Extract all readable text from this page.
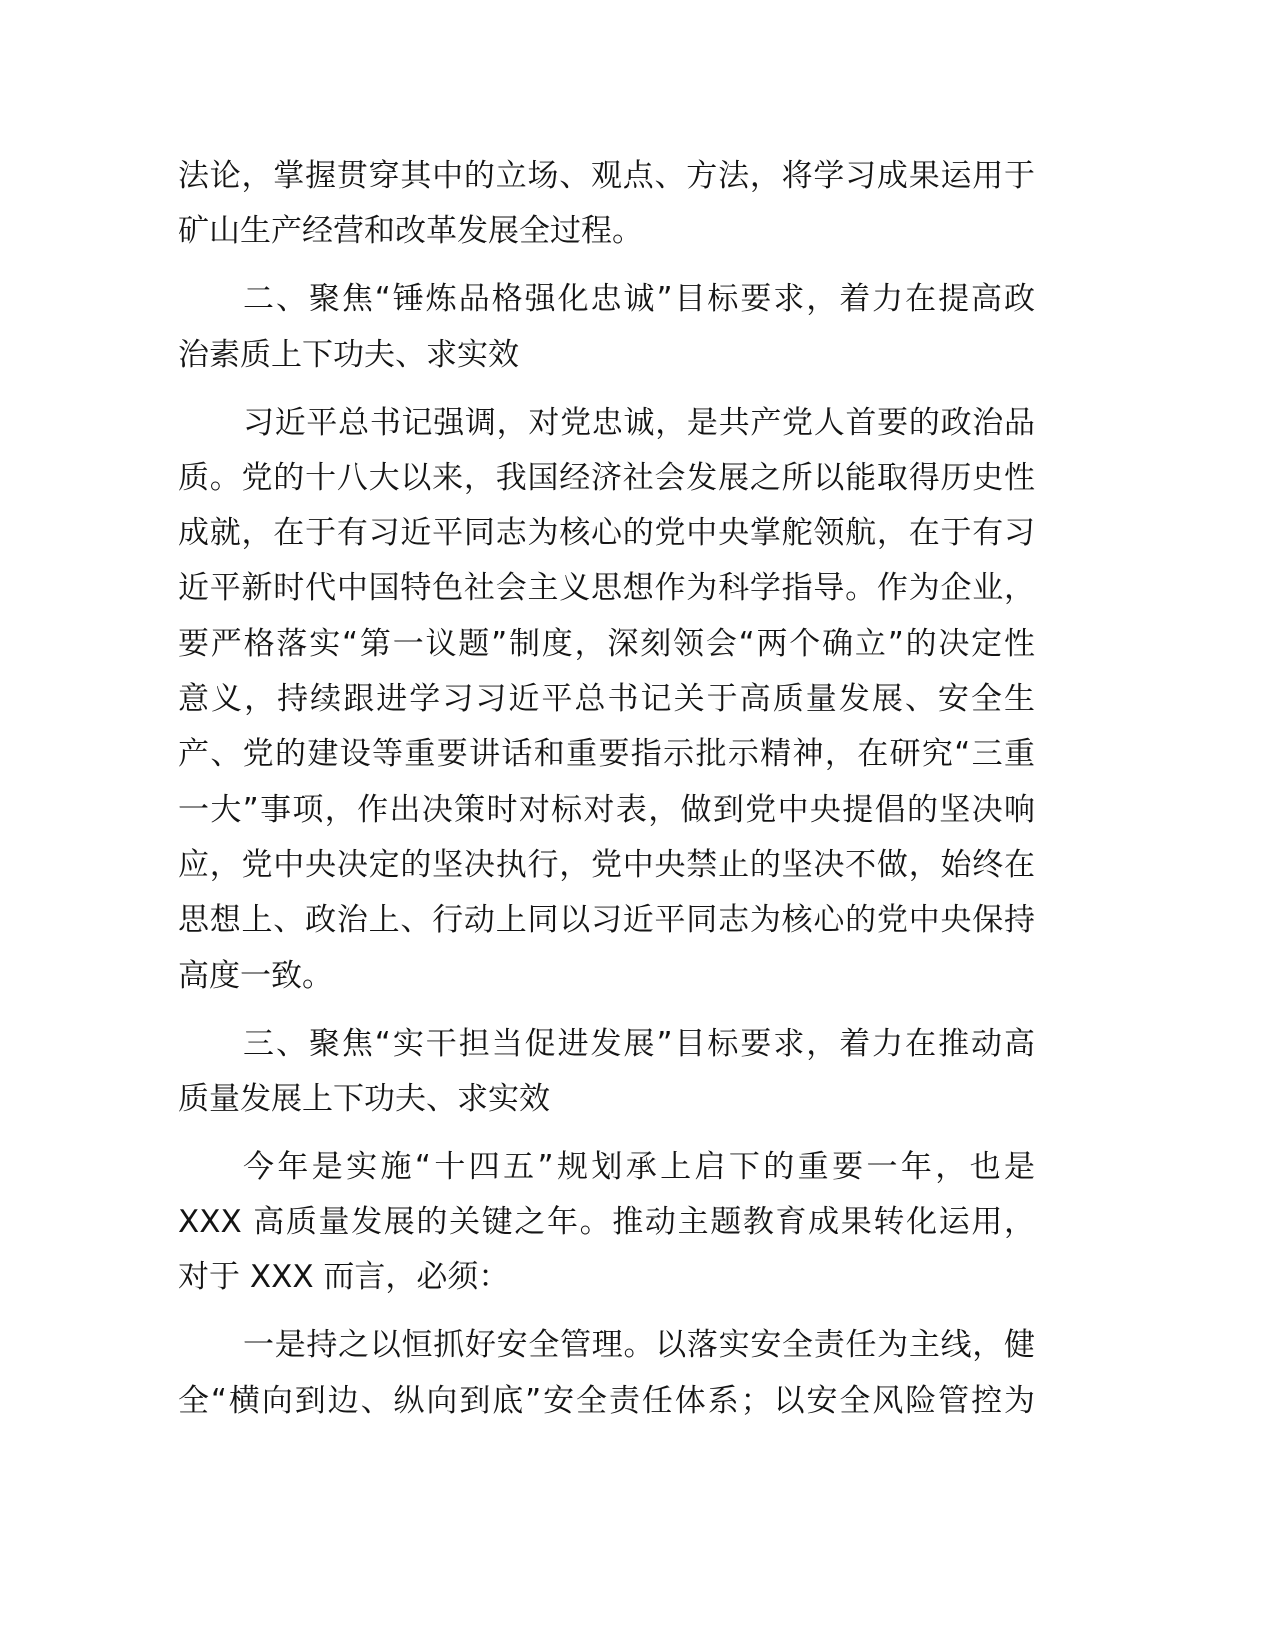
法论，掌握贯穿其中的立场、观点、方法，将学习成果运用于
矿山生产经营和改革发展全过程。
二、聚焦“锤炼品格强化忠诚”目标要求，着力在提高政
治素质上下功夫、求实效
习近平总书记强调，对党忠诚，是共产党人首要的政治品
质。党的十八大以来，我国经济社会发展之所以能取得历史性
成就，在于有习近平同志为核心的党中央掌舵领航，在于有习
近平新时代中国特色社会主义思想作为科学指导。作为企业，
要严格落实“第一议题”制度，深刻领会“两个确立”的决定性
意义，持续跟进学习习近平总书记关于高质量发展、安全生
产、党的建设等重要讲话和重要指示批示精神，在研究“三重
一大”事项，作出决策时对标对表，做到党中央提倡的坚决响
应，党中央决定的坚决执行，党中央禁止的坚决不做，始终在
思想上、政治上、行动上同以习近平同志为核心的党中央保持
高度一致。
三、聚焦“实干担当促进发展”目标要求，着力在推动高
质量发展上下功夫、求实效
今年是实施“十四五”规划承上启下的重要一年，也是
XXX 高质量发展的关键之年。推动主题教育成果转化运用，
对于 XXX 而言，必须：
一是持之以恒抓好安全管理。以落实安全责任为主线，健
全“横向到边、纵向到底”安全责任体系；以安全风险管控为
